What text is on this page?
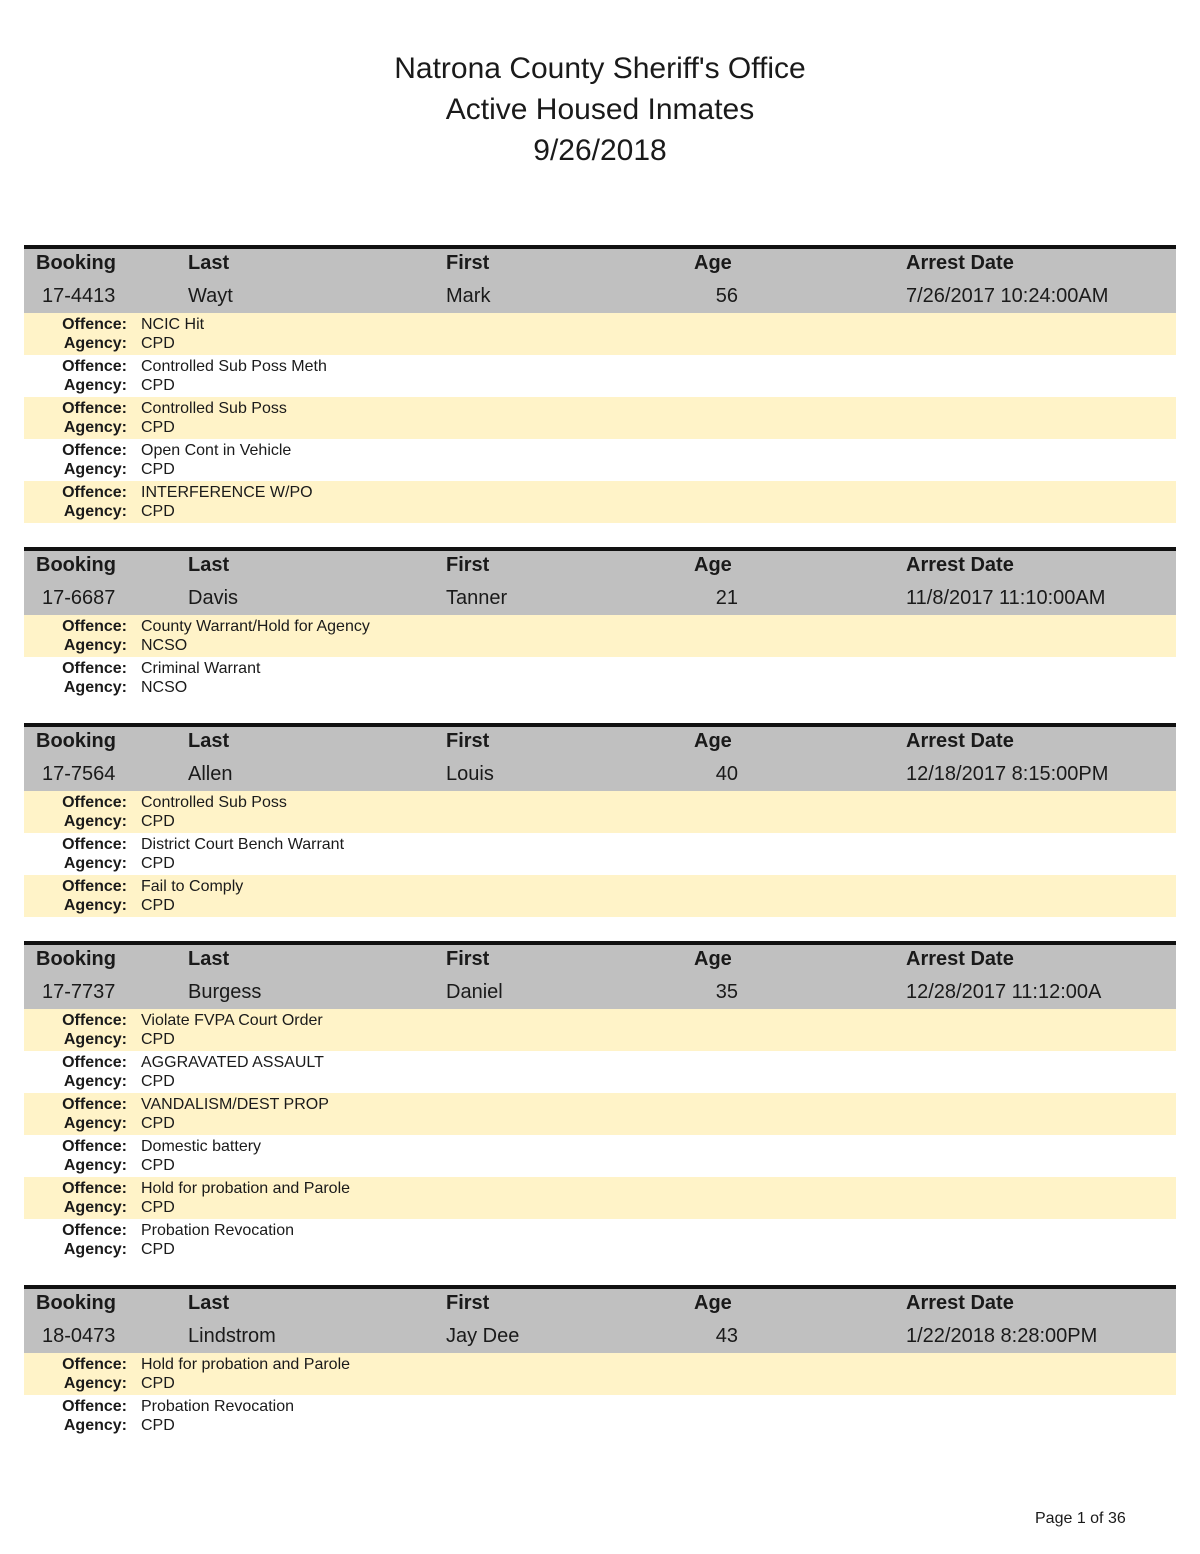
Natrona County Sheriff's Office
Active Housed Inmates
9/26/2018
Booking	Last	First	Age	Arrest Date
17-4413	Wayt	Mark	56	7/26/2017 10:24:00AM
Offence: NCIC Hit
Agency: CPD
Offence: Controlled Sub Poss Meth
Agency: CPD
Offence: Controlled Sub Poss
Agency: CPD
Offence: Open Cont in Vehicle
Agency: CPD
Offence: INTERFERENCE W/PO
Agency: CPD
Booking	Last	First	Age	Arrest Date
17-6687	Davis	Tanner	21	11/8/2017 11:10:00AM
Offence: County Warrant/Hold for Agency
Agency: NCSO
Offence: Criminal Warrant
Agency: NCSO
Booking	Last	First	Age	Arrest Date
17-7564	Allen	Louis	40	12/18/2017 8:15:00PM
Offence: Controlled Sub Poss
Agency: CPD
Offence: District Court Bench Warrant
Agency: CPD
Offence: Fail to Comply
Agency: CPD
Booking	Last	First	Age	Arrest Date
17-7737	Burgess	Daniel	35	12/28/2017 11:12:00A
Offence: Violate FVPA Court Order
Agency: CPD
Offence: AGGRAVATED ASSAULT
Agency: CPD
Offence: VANDALISM/DEST PROP
Agency: CPD
Offence: Domestic battery
Agency: CPD
Offence: Hold for probation and Parole
Agency: CPD
Offence: Probation Revocation
Agency: CPD
Booking	Last	First	Age	Arrest Date
18-0473	Lindstrom	Jay Dee	43	1/22/2018 8:28:00PM
Offence: Hold for probation and Parole
Agency: CPD
Offence: Probation Revocation
Agency: CPD
Page 1 of 36
